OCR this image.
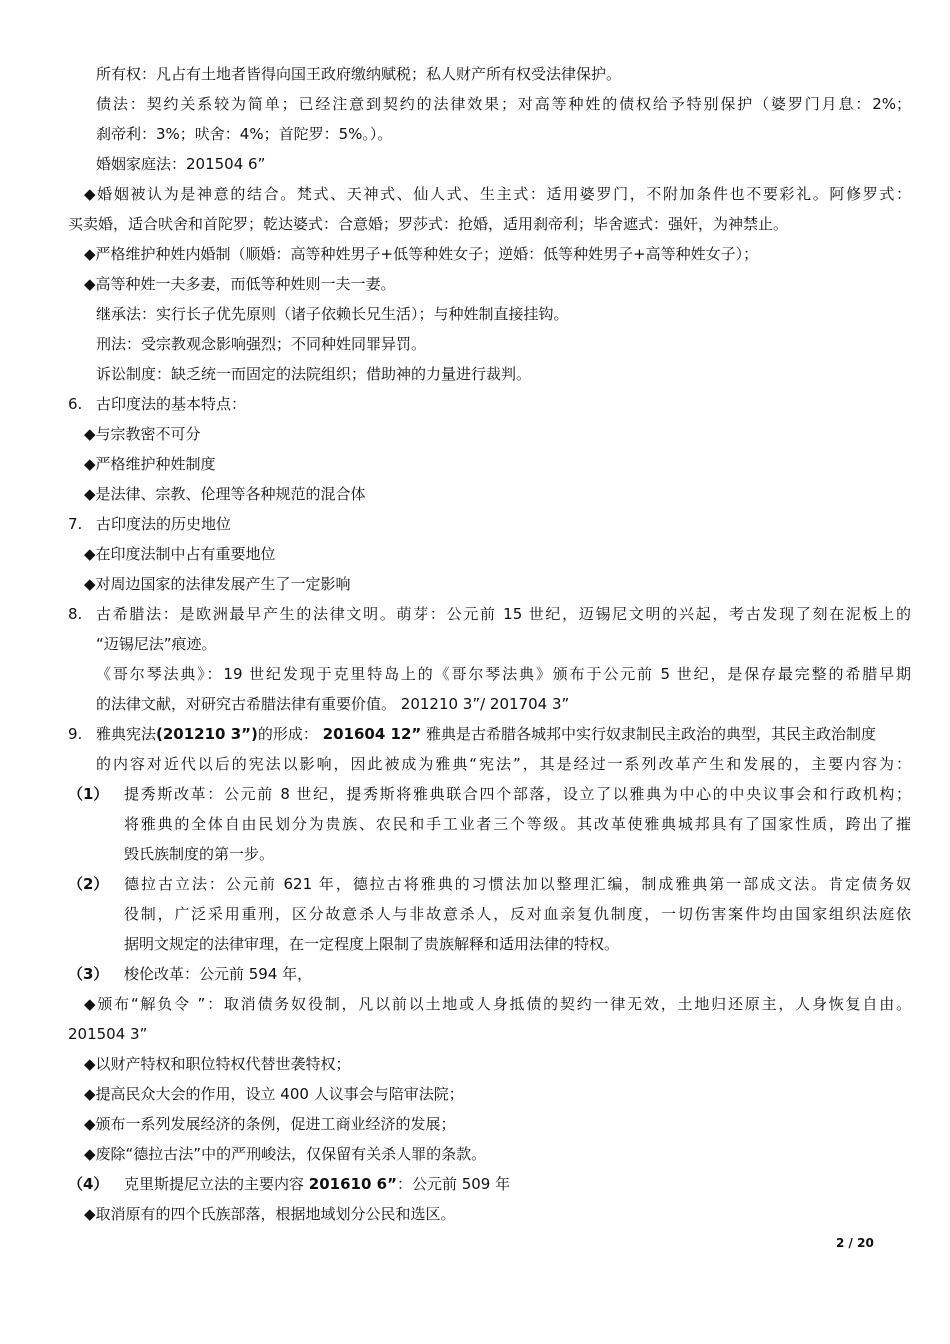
所有权：凡占有土地者皆得向国王政府缴纳赋税；私人财产所有权受法律保护。
债法：契约关系较为简单；已经注意到契约的法律效果；对高等种姓的债权给予特别保护（婆罗门月息：2%；
刹帝利：3%；吠舍：4%；首陀罗：5%。）。
婚姻家庭法：201504 6”
◆婚姻被认为是神意的结合。梵式、天神式、仙人式、生主式：适用婆罗门，不附加条件也不要彩礼。阿修罗式：
买卖婚，适合吠舍和首陀罗；乾达婆式：合意婚；罗莎式：抢婚，适用刹帝利；毕舍遮式：强奸，为神禁止。
◆严格维护种姓内婚制（顺婚：高等种姓男子+低等种姓女子；逆婚：低等种姓男子+高等种姓女子）；
◆高等种姓一夫多妻，而低等种姓则一夫一妻。
继承法：实行长子优先原则（诸子依赖长兄生活）；与种姓制直接挂钩。
刑法：受宗教观念影响强烈；不同种姓同罪异罚。
诉讼制度：缺乏统一而固定的法院组织；借助神的力量进行裁判。
6. 古印度法的基本特点：
◆与宗教密不可分
◆严格维护种姓制度
◆是法律、宗教、伦理等各种规范的混合体
7. 古印度法的历史地位
◆在印度法制中占有重要地位
◆对周边国家的法律发展产生了一定影响
8. 古希腊法：是欧洲最早产生的法律文明。萌芽：公元前 15 世纪，迈锡尼文明的兴起，考古发现了刻在泥板上的
“迈锡尼法”痕迹。
《哥尔琴法典》：19 世纪发现于克里特岛上的《哥尔琴法典》颁布于公元前 5 世纪，是保存最完整的希腊早期
的法律文献，对研究古希腊法律有重要价值。 201210 3”/ 201704 3”
9. 雅典宪法(201210 3”)的形成： 201604 12” 雅典是古希腊各城邦中实行奴隶制民主政治的典型，其民主政治制度
的内容对近代以后的宪法以影响，因此被成为雅典“宪法”，其是经过一系列改革产生和发展的，主要内容为：
（1） 提秀斯改革：公元前 8 世纪，提秀斯将雅典联合四个部落，设立了以雅典为中心的中央议事会和行政机构；
将雅典的全体自由民划分为贵族、农民和手工业者三个等级。其改革使雅典城邦具有了国家性质，跨出了摧
毁氏族制度的第一步。
（2） 德拉古立法：公元前 621 年，德拉古将雅典的习惯法加以整理汇编，制成雅典第一部成文法。肯定债务奴
役制，广泛采用重刑，区分故意杀人与非故意杀人，反对血亲复仇制度，一切伤害案件均由国家组织法庭依
据明文规定的法律审理，在一定程度上限制了贵族解释和适用法律的特权。
（3） 梭伦改革：公元前 594 年，
◆颁布“解负令 ”：取消债务奴役制，凡以前以土地或人身抵债的契约一律无效，土地归还原主，人身恢复自由。
201504 3”
◆以财产特权和职位特权代替世袭特权；
◆提高民众大会的作用，设立 400 人议事会与陪审法院；
◆颁布一系列发展经济的条例，促进工商业经济的发展；
◆废除“德拉古法”中的严刑峻法，仅保留有关杀人罪的条款。
（4） 克里斯提尼立法的主要内容 201610 6”：公元前 509 年
◆取消原有的四个氏族部落，根据地域划分公民和选区。
2 / 20
